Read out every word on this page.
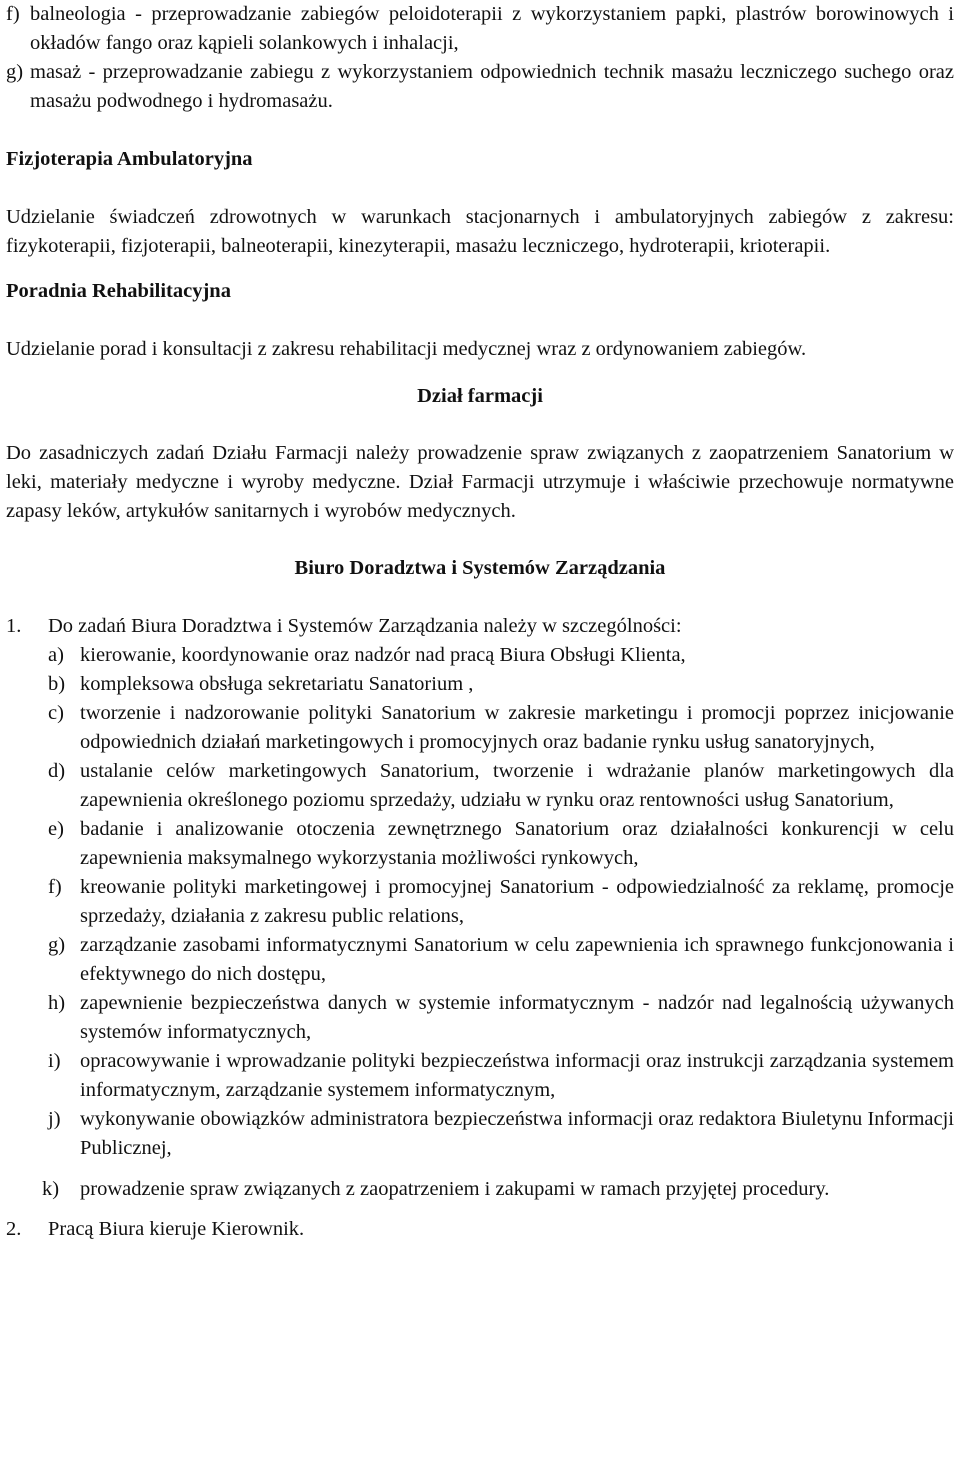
f) balneologia - przeprowadzanie zabiegów peloidoterapii z wykorzystaniem papki, plastrów borowinowych i okładów fango oraz kąpieli solankowych i inhalacji,
g) masaż - przeprowadzanie zabiegu z wykorzystaniem odpowiednich technik masażu leczniczego suchego oraz masażu podwodnego i hydromasażu.
Fizjoterapia Ambulatoryjna

Udzielanie świadczeń zdrowotnych w warunkach stacjonarnych i ambulatoryjnych zabiegów z zakresu: fizykoterapii, fizjoterapii, balneoterapii, kinezyterapii, masażu leczniczego, hydroterapii, krioterapii.

Poradnia Rehabilitacyjna

Udzielanie porad i konsultacji z zakresu rehabilitacji medycznej wraz z ordynowaniem zabiegów.

Dział farmacji

Do zasadniczych zadań Działu Farmacji należy prowadzenie spraw związanych z zaopatrzeniem Sanatorium w leki, materiały medyczne i wyroby medyczne. Dział Farmacji utrzymuje i właściwie przechowuje normatywne zapasy leków, artykułów sanitarnych i wyrobów medycznych.

Biuro Doradztwa i Systemów Zarządzania
1.	Do zadań Biura Doradztwa i Systemów Zarządzania należy w szczególności:
a) kierowanie, koordynowanie oraz nadzór nad pracą Biura Obsługi Klienta,
b) kompleksowa obsługa sekretariatu Sanatorium ,
c) tworzenie i nadzorowanie polityki Sanatorium w zakresie marketingu i promocji poprzez inicjowanie odpowiednich działań marketingowych i promocyjnych oraz badanie rynku usług sanatoryjnych,
d) ustalanie celów marketingowych Sanatorium, tworzenie i wdrażanie planów marketingowych dla zapewnienia określonego poziomu sprzedaży, udziału w rynku oraz rentowności usług Sanatorium,
e) badanie i analizowanie otoczenia zewnętrznego Sanatorium oraz działalności konkurencji w celu zapewnienia maksymalnego wykorzystania możliwości rynkowych,
f) kreowanie polityki marketingowej i promocyjnej Sanatorium - odpowiedzialność za reklamę, promocje sprzedaży, działania z zakresu public relations,
g) zarządzanie zasobami informatycznymi Sanatorium w celu zapewnienia ich sprawnego funkcjonowania i efektywnego do nich dostępu,
h) zapewnienie bezpieczeństwa danych w systemie informatycznym - nadzór nad legalnością używanych systemów informatycznych,
i) opracowywanie i wprowadzanie polityki bezpieczeństwa informacji oraz instrukcji zarządzania systemem informatycznym, zarządzanie systemem informatycznym,
j) wykonywanie obowiązków administratora bezpieczeństwa informacji oraz redaktora Biuletynu Informacji Publicznej,
k)	prowadzenie spraw związanych z zaopatrzeniem i zakupami w ramach przyjętej procedury.
2.	Pracą Biura kieruje Kierownik.
